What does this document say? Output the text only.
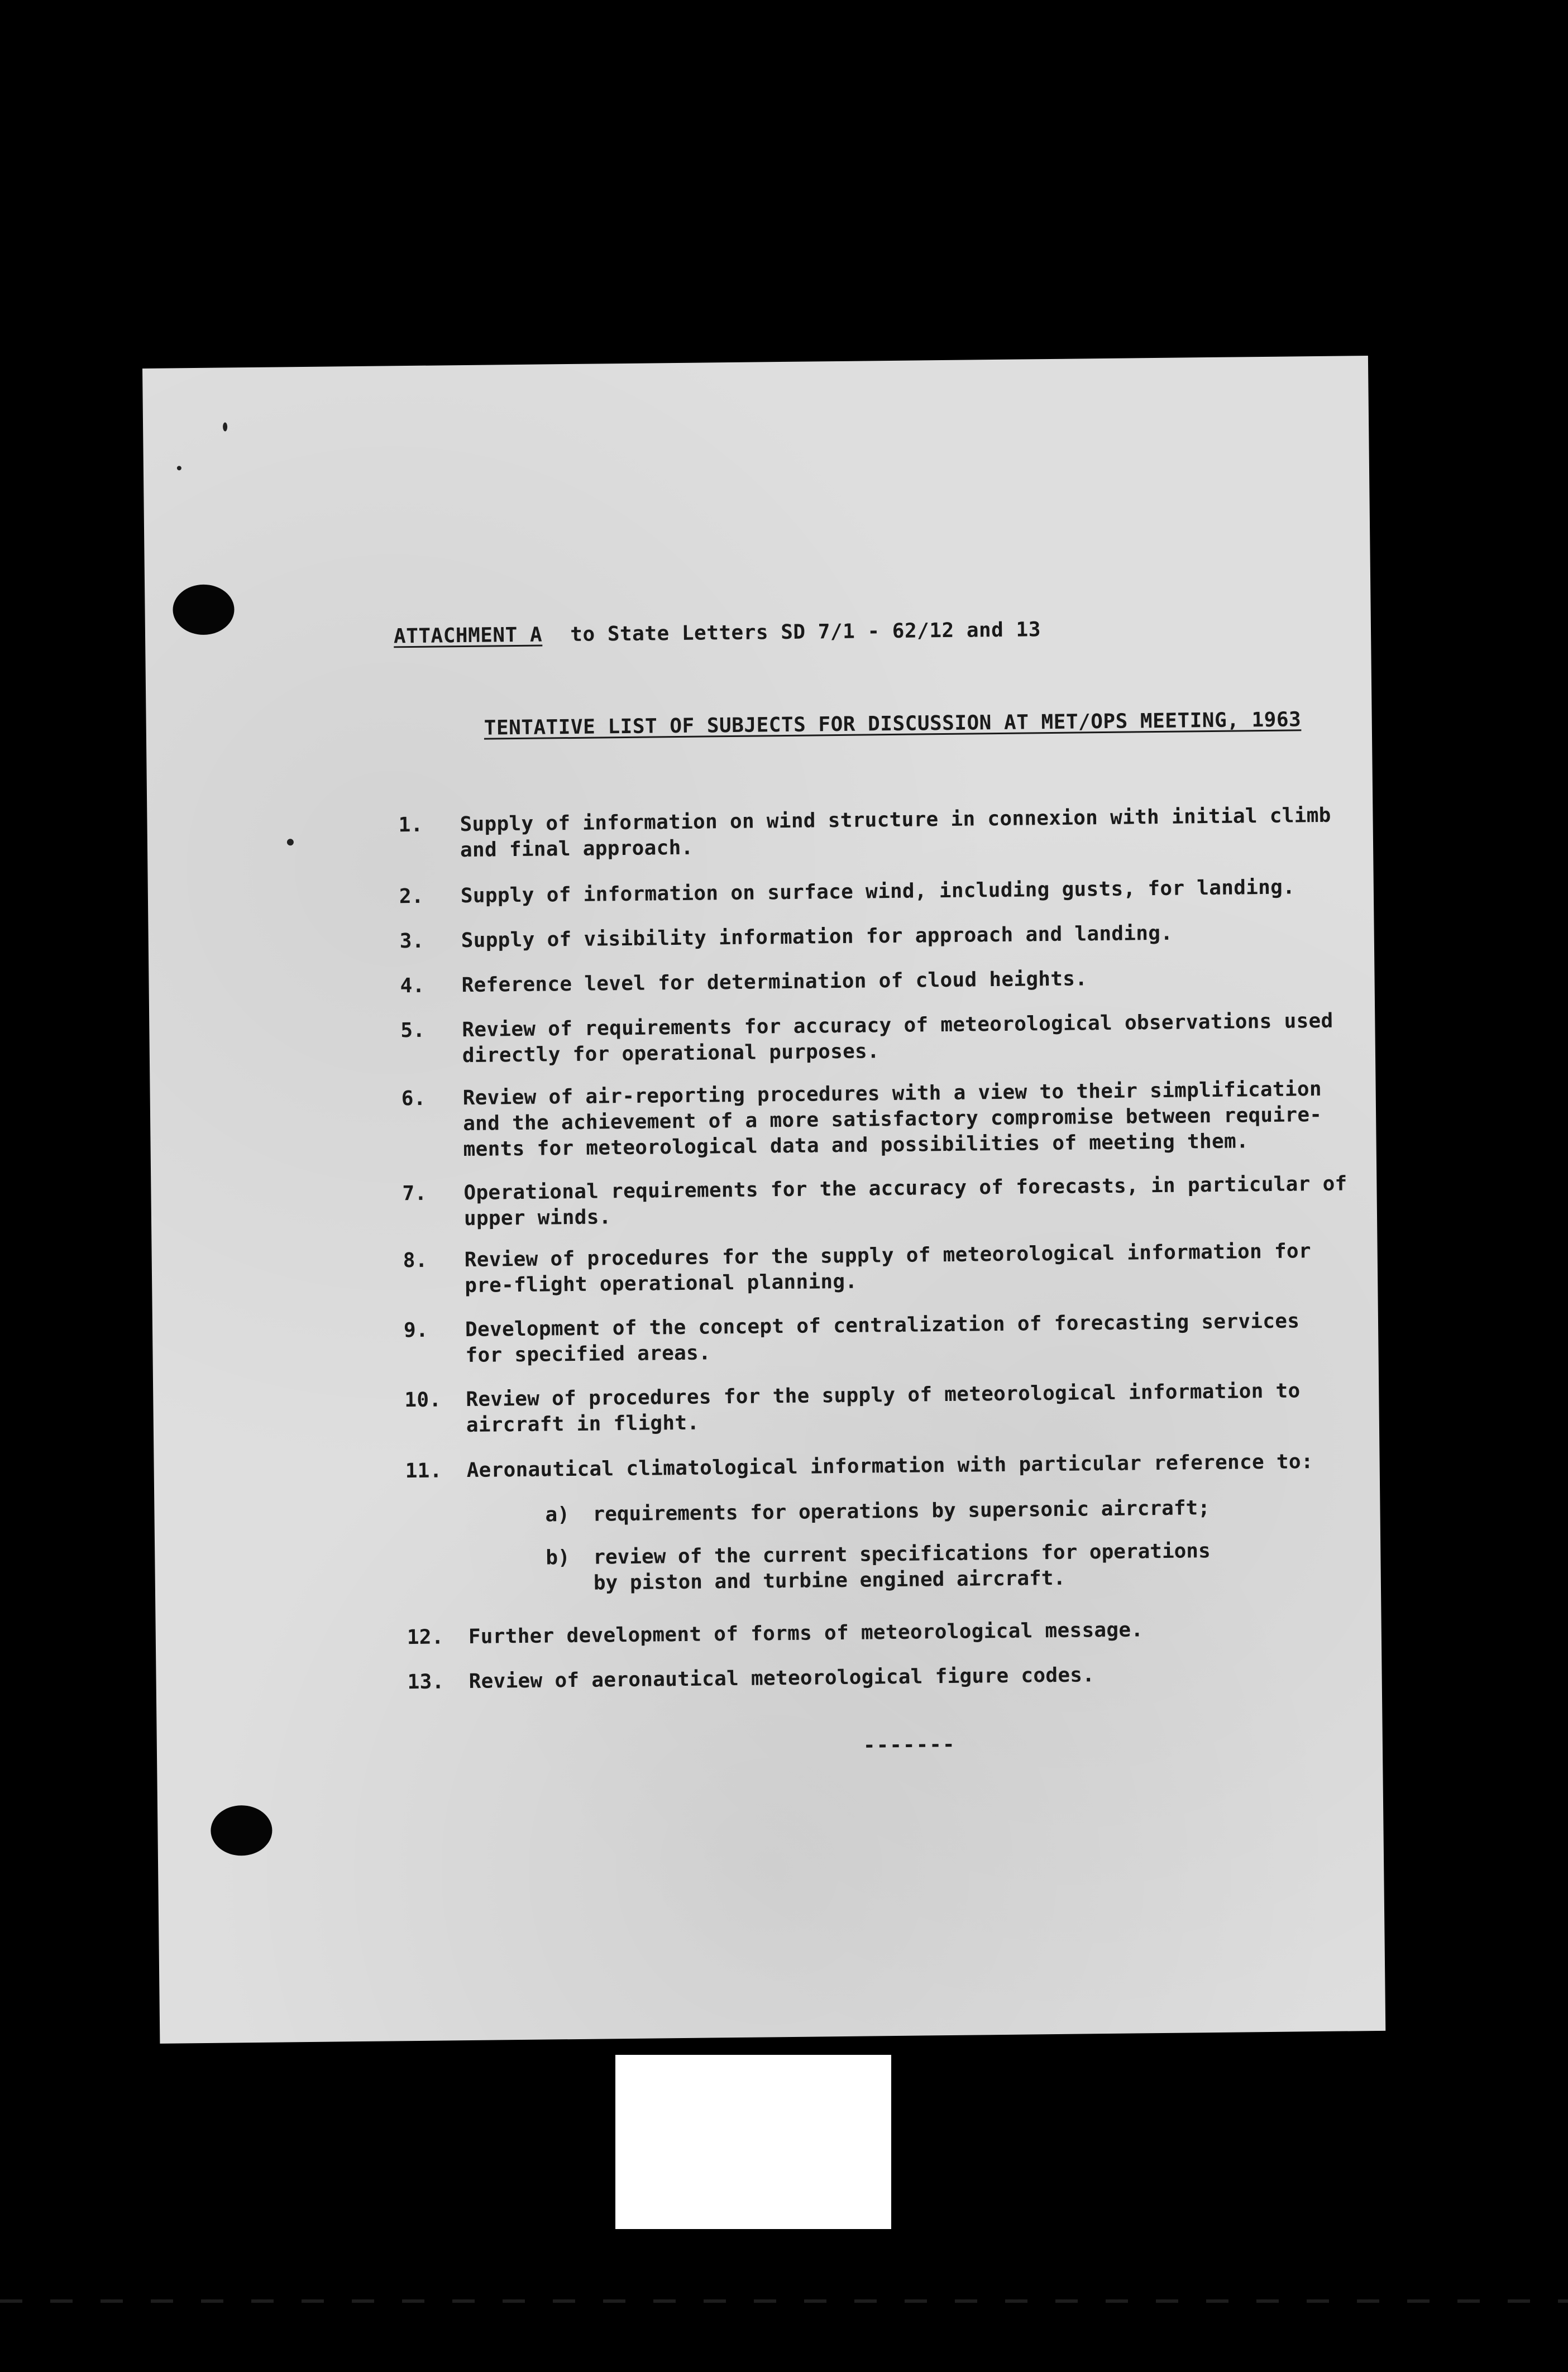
ATTACHMENT A to State Letters SD 7/1 - 62/12 and 13
TENTATIVE LIST OF SUBJECTS FOR DISCUSSION AT MET/OPS MEETING, 1963
1.	Supply of information on wind structure in connexion with initial climb
and final approach.
2.	Supply of information on surface wind, including gusts, for landing.
3.	Supply of visibility information for approach and landing.
4.	Reference level for determination of cloud heights.
5.	Review of requirements for accuracy of meteorological observations used
directly for operational purposes.
6.	Review of air-reporting procedures with a view to their simplification
and the achievement of a more satisfactory compromise between require-
ments for meteorological data and possibilities of meeting them.
7.	Operational requirements for the accuracy of forecasts, in particular of
upper winds.
8.	Review of procedures for the supply of meteorological information for
pre-flight operational planning.
9.	Development of the concept of centralization of forecasting services
for specified areas.
10.	Review of procedures for the supply of meteorological information to
aircraft in flight.
11.	Aeronautical climatological information with particular reference to:
a) requirements for operations by supersonic aircraft;
b) review of the current specifications for operations
by piston and turbine engined aircraft.
12.	Further development of forms of meteorological message.
13.	Review of aeronautical meteorological figure codes.
-------
